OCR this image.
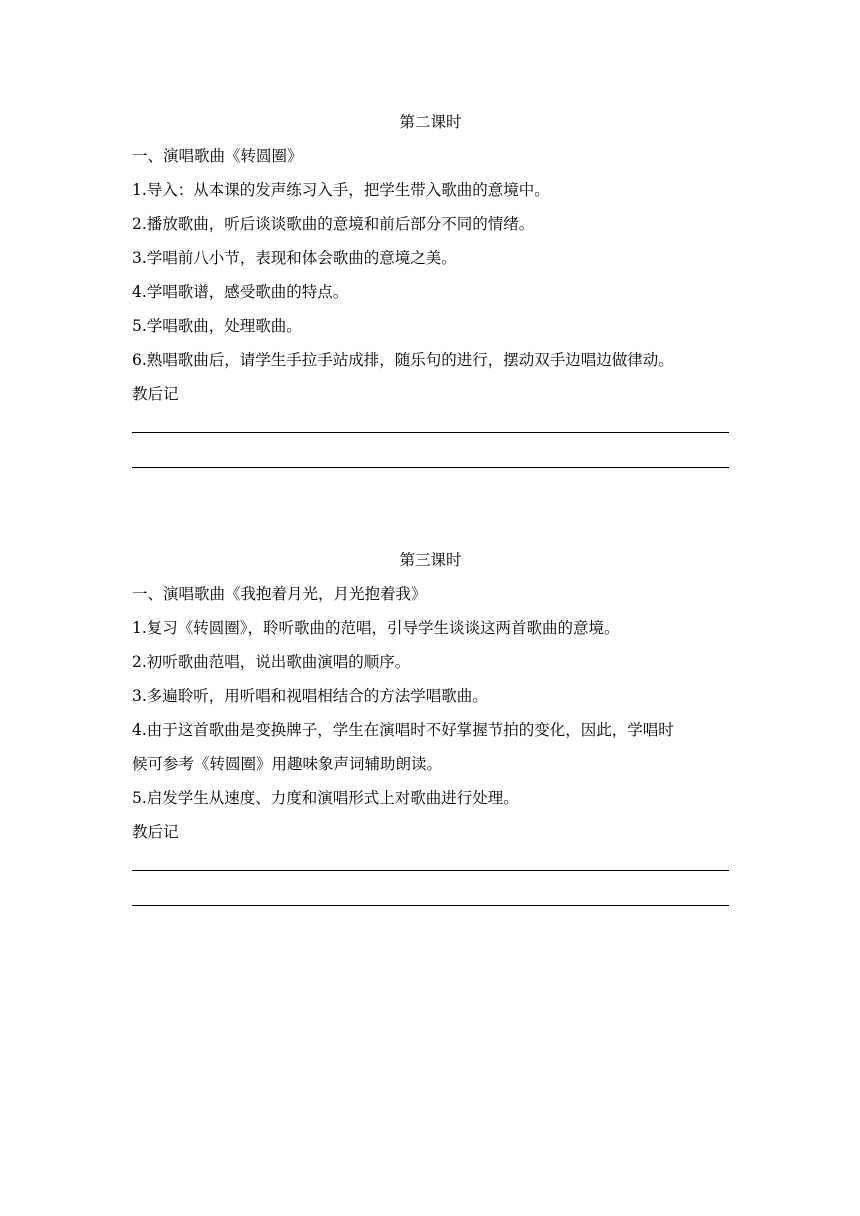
第二课时

一、演唱歌曲《转圆圈》

1.导入：从本课的发声练习入手，把学生带入歌曲的意境中。

2.播放歌曲，听后谈谈歌曲的意境和前后部分不同的情绪。

3.学唱前八小节，表现和体会歌曲的意境之美。

4.学唱歌谱，感受歌曲的特点。

5.学唱歌曲，处理歌曲。

6.熟唱歌曲后，请学生手拉手站成排，随乐句的进行，摆动双手边唱边做律动。

教后记

第三课时

一、演唱歌曲《我抱着月光，月光抱着我》

1.复习《转圆圈》，聆听歌曲的范唱，引导学生谈谈这两首歌曲的意境。

2.初听歌曲范唱，说出歌曲演唱的顺序。

3.多遍聆听，用听唱和视唱相结合的方法学唱歌曲。

4.由于这首歌曲是变换牌子，学生在演唱时不好掌握节拍的变化，因此，学唱时

候可参考《转圆圈》用趣味象声词辅助朗读。

5.启发学生从速度、力度和演唱形式上对歌曲进行处理。

教后记
